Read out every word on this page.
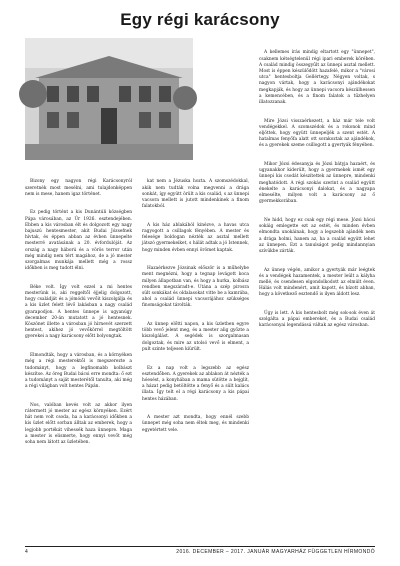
Egy régi karácsony

Bizony egy nagyon régi Karácsonyról szeretnék most mesélni, ami tulajdonképpen nem is mese, hanem igaz történet.

Ez pedig történt a kis Dunántúli községben Pápa városában, az Úr 1926. esztendejében. Ebben a kis városban élt és dolgozott egy nagy bajuszú hentesmester, akit Budai Józsefnek hívtak, és éppen abban az évben ünnepelte mesterré avatásának a 20. évfordulóját. Az ország a nagy háború és a vörös terror után még mindig nem tért magához, de a jó mester szorgalmas munkája mellett még a rossz időkben is meg tudott élni.

Béke volt. Így volt ezzel a mi hentes mesterünk is, aki reggeltől éjjelig dolgozott, hogy családját és a jómódú vevőit kiszolgálja és a kis üzlet felett lévő lakásban a nagy család gyarapodjon. A hentes ünnepe is ugyanúgy december 20-án mutatott a jó hentesnek. Köszönet illette a városban jó hírnevét szerzett hentest, akihez jó vevőkörrel megtöltött gyerekei a nagy karácsony előtt bolyongtak.

Elmondták, hogy a városban, és a környéken még a régi mesterektől is megszerezte a tudományt, hogy a legfinomabb kolbászt készítse. Az öreg Budai bácsi erre mondta: ő ezt a tudományt a saját mesterétől tanulta, aki még a régi világban volt hentes Pápán.

Nos, valóban kevés volt az akkor ilyen rátermett jó mester az egész környéken. Ezért hát nem volt csoda, ha a karácsonyi időkben a kis üzlet előtt sorban álltak az emberek, hogy a legjobb portékát vihessék haza ünnepre. Maga a mester is elismerte, hogy ennyi vevőt még soha nem látott az üzletében.

kat nem a Jézuska hozta. A szomszédokkal, akik nem tudták volna megvenni a drága sonkát, így együtt örült a kis család, s az ünnepi vacsora mellett is jutott mindenkinek a finom falatokból.

A kis ház ablakából kinézve, a havas utca ragyogott a csillagok fényében. A mester és felesége boldogan nézték az asztal mellett játszó gyermekeiket, s hálát adtak a jó Istennek, hogy minden évben ennyi örömet kaptak.

Hazaérkezve Józsinak először is a műhelybe ment megnézni, hogy a tegnap levágott koca milyen állapotban van, és hogy a hurka, kolbász rendben megszáradt-e. Utána a szép pirosra sült sonkákat és oldalasokat vitte be a kamrába, ahol a család ünnepi vacsorájához szükséges finomságokat tárolták.

Az ünnep előtti napon, a kis üzletben egyre több vevő jelent meg, és a mester alig győzte a kiszolgálást. A segédek is szorgalmasan dolgoztak, és mire az utolsó vevő is elment, a pult szinte teljesen kiürült.

Ez a nap volt a legszebb az egész esztendőben. A gyerekek az ablakon át nézték a hóesést, a konyhában a mama sütötte a bejglit, a házat pedig betöltötte a fenyő és a sült kalács illata. Így telt el a régi karácsony a kis pápai hentes házában.

A mester azt mondta, hogy ennél szebb ünnepet még soha nem éltek meg, és mindenki egyetértett vele.

A kellemes írás mindig eltartott egy "ünnepet", csaknem kétségtelenül régi ipari emberek körében. A család mindig összegyűlt az ünnepi asztal mellett. Most is éppen készülődött hazafelé, mikor a "városi utca" hentesboltja Gellértegy. Négyen voltak, s nagyon vártak, hogy a karácsonyi ajándékokat megkapják, és hogy az ünnepi vacsora készülhessen a kemencében, és a finom falatok a tűzhelyen illatozzanak.

Mire Józsi visszaérkezett, a ház már tele volt vendégekkel. A szomszédok és a rokonok mind eljöttek, hogy együtt ünnepeljék a szent estét. A hatalmas fenyőfa alatt ott sorakoztak az ajándékok, és a gyerekek szeme csillogott a gyertyák fényében.

Mikor Józsi édesanyja és Józsi bátyja hazaért, és ugyanakkor kiderült, hogy a gyermekek ismét egy ünnepi kis csodát készítettek az ünnepre, mindenki meghatódott. A régi szokás szerint a család együtt énekelte a karácsonyi dalokat, és a nagyapa elmesélte, milyen volt a karácsony az ő gyermekkorában.

Ne hidd, hogy ez csak egy régi mese. Józsi bácsi sokáig emlegette ezt az estét, és minden évben elmondta unokáinak, hogy a legszebb ajándék nem a drága holmi, hanem az, ha a család együtt lehet az ünnepen. Ezt a tanulságot pedig mindannyian szívükbe zárták.

Az ünnep végén, amikor a gyertyák már leégtek és a vendégek hazamentek, a mester leült a kályha mellé, és csendesen elgondolkodott az elmúlt éven. Hálás volt mindenért, amit kapott, és bízott abban, hogy a következő esztendő is ilyen áldott lesz.

Úgy is lett. A kis hentesbolt még sok-sok éven át szolgálta a pápai embereket, és a Budai család karácsonyai legendássá váltak az egész városban.

4	2016. DECEMBER – 2017. JANUÁR MAGYARHÁZ FÜGGETLEN HÍRMONDÓ
